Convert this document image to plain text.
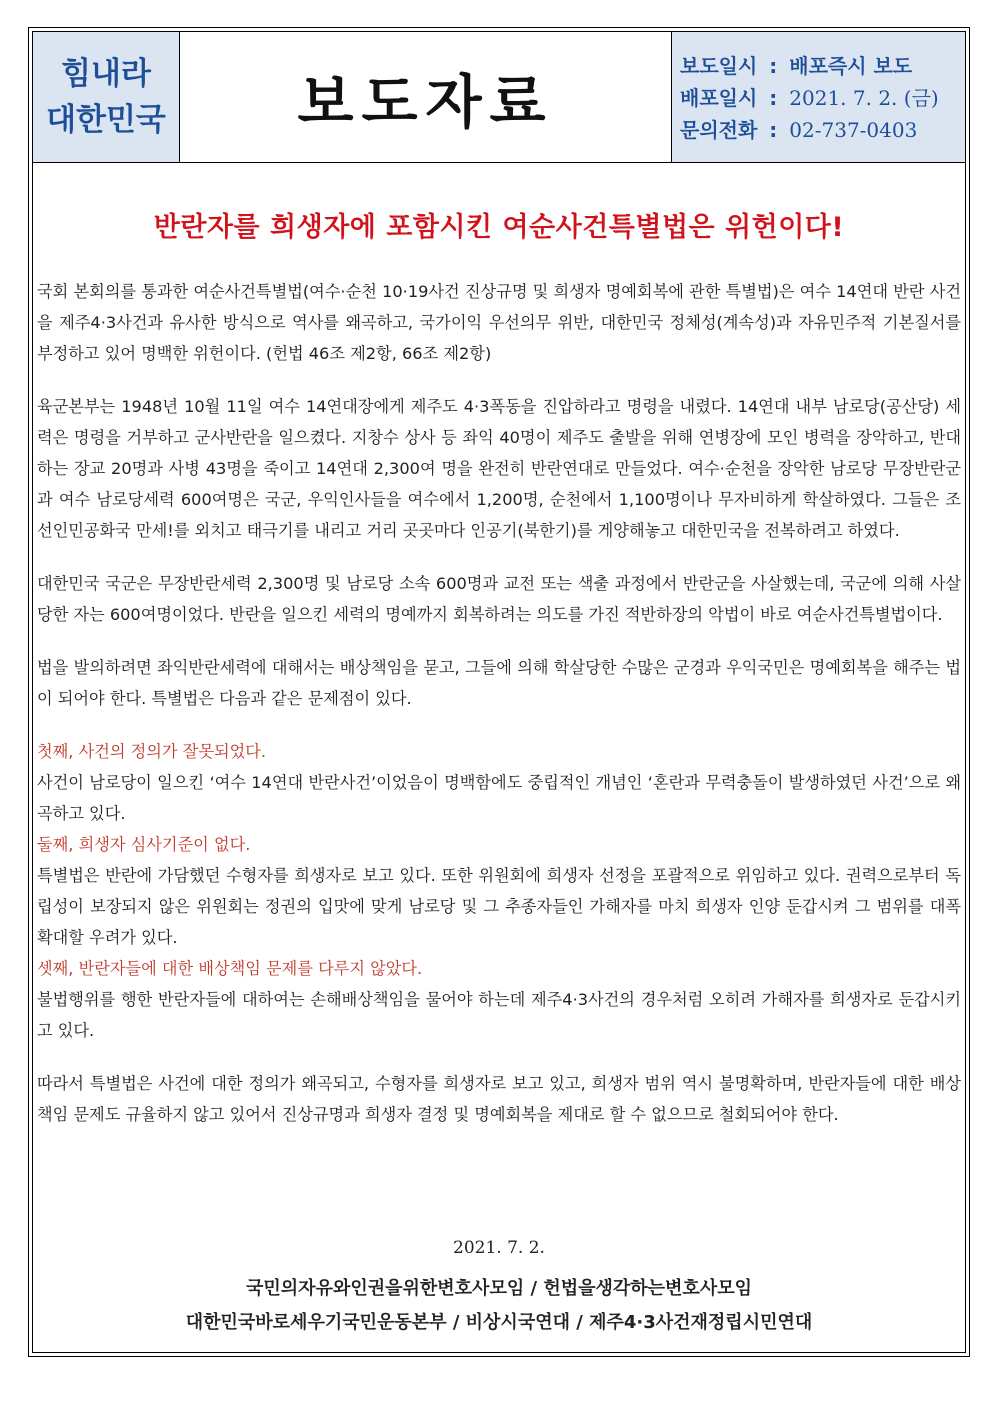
힘내라
대한민국	보도자료
보도일시 : 배포즉시 보도
배포일시 : 2021. 7. 2. (금)
문의전화 : 02-737-0403
반란자를 희생자에 포함시킨 여순사건특별법은 위헌이다!

국회 본회의를 통과한 여순사건특별법(여수·순천 10·19사건 진상규명 및 희생자 명예회복에 관한 특별법)은 여수 14연대 반란 사건을 제주4·3사건과 유사한 방식으로 역사를 왜곡하고, 국가이익 우선의무 위반, 대한민국 정체성(계속성)과 자유민주적 기본질서를 부정하고 있어 명백한 위헌이다. (헌법 46조 제2항, 66조 제2항)

육군본부는 1948년 10월 11일 여수 14연대장에게 제주도 4·3폭동을 진압하라고 명령을 내렸다. 14연대 내부 남로당(공산당) 세력은 명령을 거부하고 군사반란을 일으켰다. 지창수 상사 등 좌익 40명이 제주도 출발을 위해 연병장에 모인 병력을 장악하고, 반대하는 장교 20명과 사병 43명을 죽이고 14연대 2,300여 명을 완전히 반란연대로 만들었다. 여수·순천을 장악한 남로당 무장반란군과 여수 남로당세력 600여명은 국군, 우익인사들을 여수에서 1,200명, 순천에서 1,100명이나 무자비하게 학살하였다. 그들은 조선인민공화국 만세!를 외치고 태극기를 내리고 거리 곳곳마다 인공기(북한기)를 게양해놓고 대한민국을 전복하려고 하였다.

대한민국 국군은 무장반란세력 2,300명 및 남로당 소속 600명과 교전 또는 색출 과정에서 반란군을 사살했는데, 국군에 의해 사살당한 자는 600여명이었다. 반란을 일으킨 세력의 명예까지 회복하려는 의도를 가진 적반하장의 악법이 바로 여순사건특별법이다.

법을 발의하려면 좌익반란세력에 대해서는 배상책임을 묻고, 그들에 의해 학살당한 수많은 군경과 우익국민은 명예회복을 해주는 법이 되어야 한다. 특별법은 다음과 같은 문제점이 있다.

첫째, 사건의 정의가 잘못되었다.

사건이 남로당이 일으킨 ‘여수 14연대 반란사건’이었음이 명백함에도 중립적인 개념인 ‘혼란과 무력충돌이 발생하였던 사건’으로 왜곡하고 있다.

둘째, 희생자 심사기준이 없다.

특별법은 반란에 가담했던 수형자를 희생자로 보고 있다. 또한 위원회에 희생자 선정을 포괄적으로 위임하고 있다. 권력으로부터 독립성이 보장되지 않은 위원회는 정권의 입맛에 맞게 남로당 및 그 추종자들인 가해자를 마치 희생자 인양 둔갑시켜 그 범위를 대폭 확대할 우려가 있다.

셋째, 반란자들에 대한 배상책임 문제를 다루지 않았다.

불법행위를 행한 반란자들에 대하여는 손해배상책임을 물어야 하는데 제주4·3사건의 경우처럼 오히려 가해자를 희생자로 둔갑시키고 있다.

따라서 특별법은 사건에 대한 정의가 왜곡되고, 수형자를 희생자로 보고 있고, 희생자 범위 역시 불명확하며, 반란자들에 대한 배상책임 문제도 규율하지 않고 있어서 진상규명과 희생자 결정 및 명예회복을 제대로 할 수 없으므로 철회되어야 한다.

2021. 7. 2.
국민의자유와인권을위한변호사모임 / 헌법을생각하는변호사모임
대한민국바로세우기국민운동본부 / 비상시국연대 / 제주4·3사건재정립시민연대
